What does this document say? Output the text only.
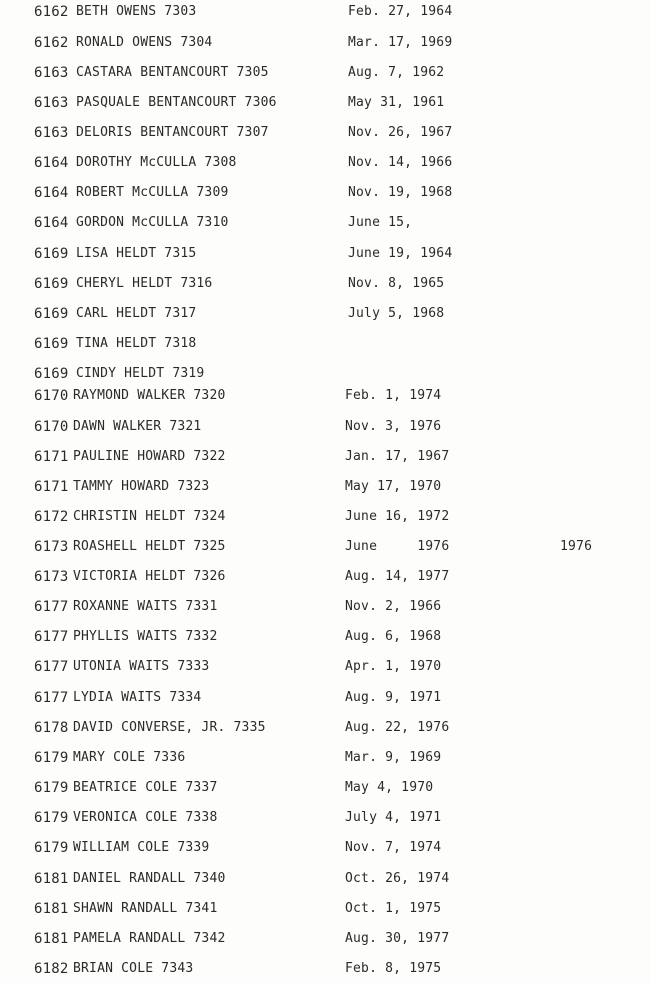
6162 BETH OWENS 7303	Feb. 27, 1964
6162 RONALD OWENS 7304	Mar. 17, 1969
6163 CASTARA BENTANCOURT 7305	Aug. 7, 1962
6163 PASQUALE BENTANCOURT 7306	May 31, 1961
6163 DELORIS BENTANCOURT 7307	Nov. 26, 1967
6164 DOROTHY McCULLA 7308	Nov. 14, 1966
6164 ROBERT McCULLA 7309	Nov. 19, 1968
6164 GORDON McCULLA 7310	June 15,
6169 LISA HELDT 7315	June 19, 1964
6169 CHERYL HELDT 7316	Nov. 8, 1965
6169 CARL HELDT 7317	July 5, 1968
6169 TINA HELDT 7318
6169 CINDY HELDT 7319
6170 RAYMOND WALKER 7320	Feb. 1, 1974
6170 DAWN WALKER 7321	Nov. 3, 1976
6171 PAULINE HOWARD 7322	Jan. 17, 1967
6171 TAMMY HOWARD 7323	May 17, 1970
6172 CHRISTIN HELDT 7324	June 16, 1972
6173 ROASHELL HELDT 7325	June     1976	1976
6173 VICTORIA HELDT 7326	Aug. 14, 1977
6177 ROXANNE WAITS 7331	Nov. 2, 1966
6177 PHYLLIS WAITS 7332	Aug. 6, 1968
6177 UTONIA WAITS 7333	Apr. 1, 1970
6177 LYDIA WAITS 7334	Aug. 9, 1971
6178 DAVID CONVERSE, JR. 7335	Aug. 22, 1976
6179 MARY COLE 7336	Mar. 9, 1969
6179 BEATRICE COLE 7337	May 4, 1970
6179 VERONICA COLE 7338	July 4, 1971
6179 WILLIAM COLE 7339	Nov. 7, 1974
6181 DANIEL RANDALL 7340	Oct. 26, 1974
6181 SHAWN RANDALL 7341	Oct. 1, 1975
6181 PAMELA RANDALL 7342	Aug. 30, 1977
6182 BRIAN COLE 7343	Feb. 8, 1975
